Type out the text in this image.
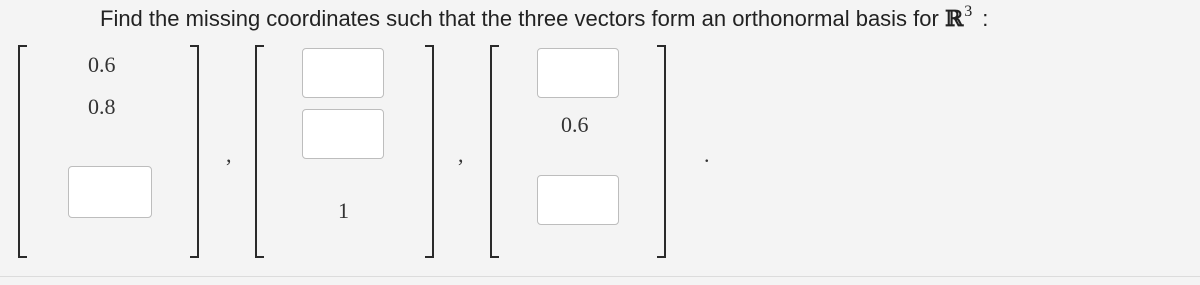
Find the missing coordinates such that the three vectors form an orthonormal basis for ℝ$^3$ :
0.6
0.8
,
1
,
0.6
.
